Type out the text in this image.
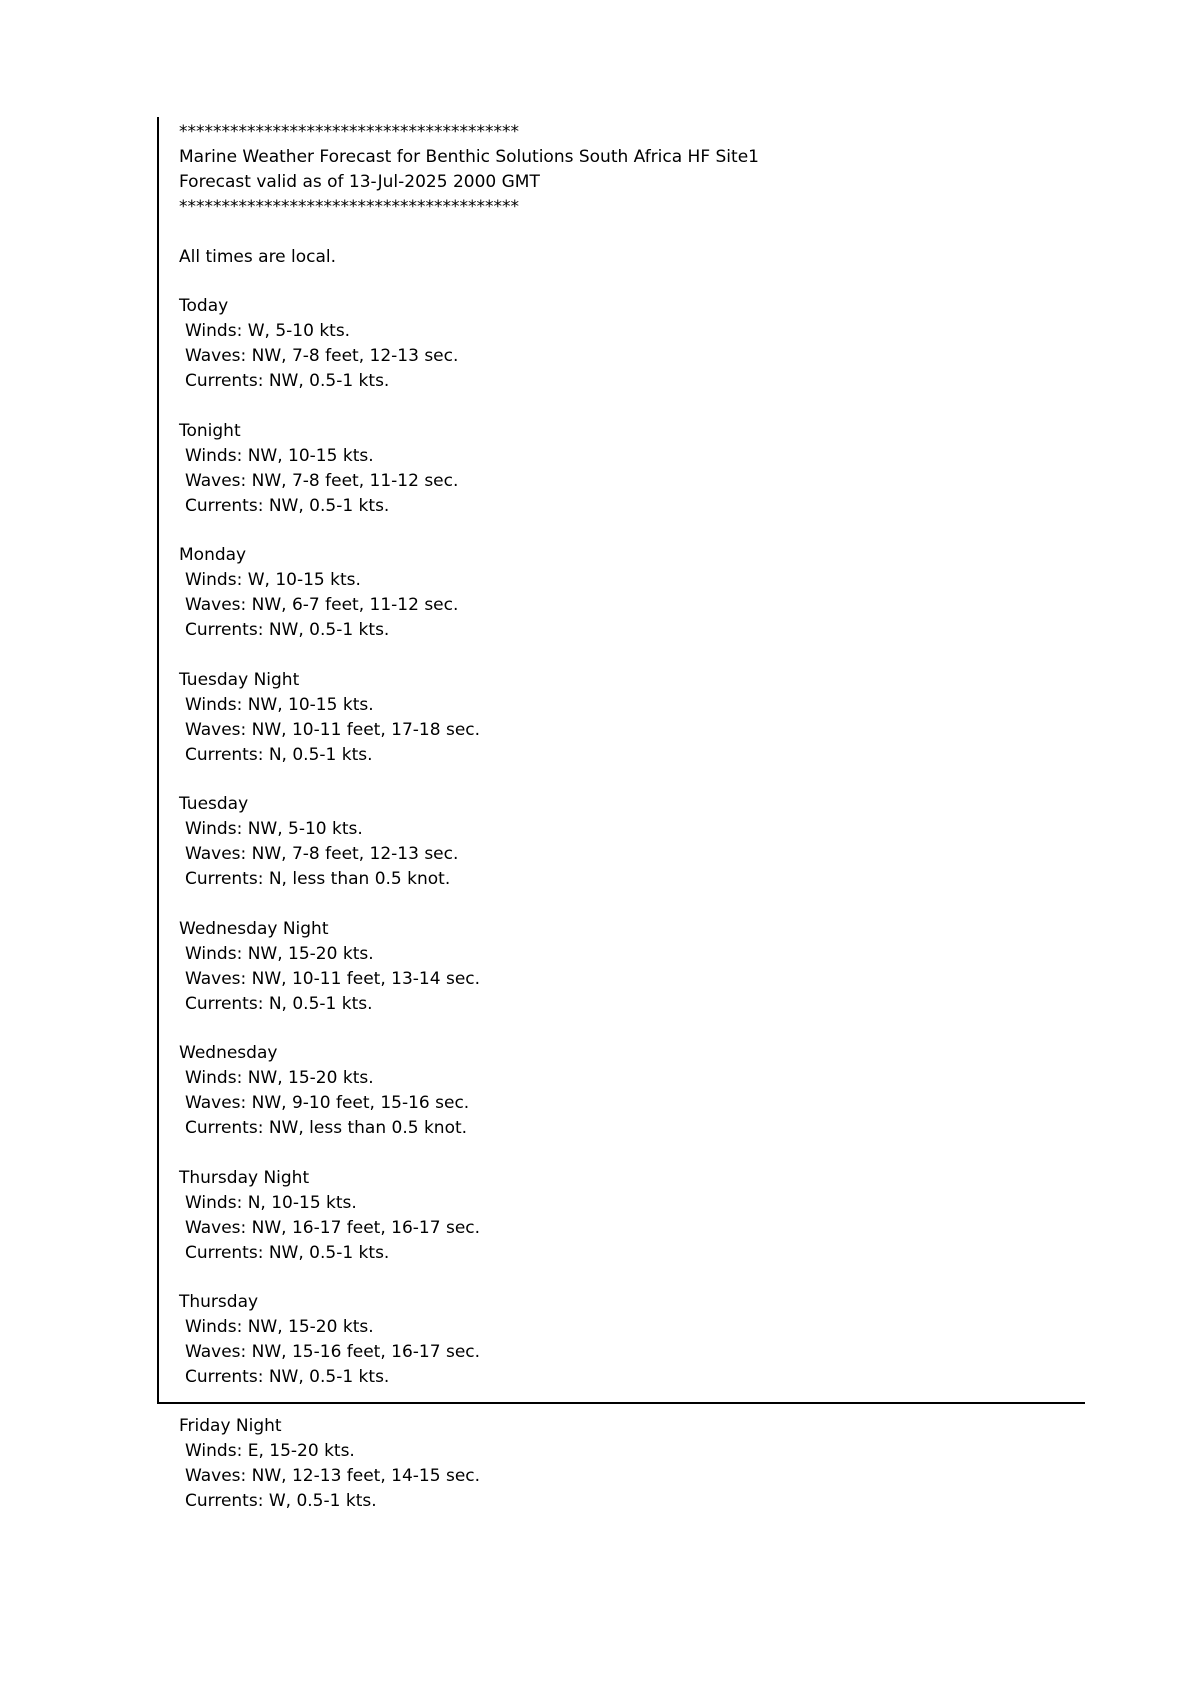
****************************************
Marine Weather Forecast for Benthic Solutions South Africa HF Site1
Forecast valid as of 13-Jul-2025 2000 GMT
****************************************
All times are local.
Today
Winds: W, 5-10 kts.
Waves: NW, 7-8 feet, 12-13 sec.
Currents: NW, 0.5-1 kts.
Tonight
Winds: NW, 10-15 kts.
Waves: NW, 7-8 feet, 11-12 sec.
Currents: NW, 0.5-1 kts.
Monday
Winds: W, 10-15 kts.
Waves: NW, 6-7 feet, 11-12 sec.
Currents: NW, 0.5-1 kts.
Tuesday Night
Winds: NW, 10-15 kts.
Waves: NW, 10-11 feet, 17-18 sec.
Currents: N, 0.5-1 kts.
Tuesday
Winds: NW, 5-10 kts.
Waves: NW, 7-8 feet, 12-13 sec.
Currents: N, less than 0.5 knot.
Wednesday Night
Winds: NW, 15-20 kts.
Waves: NW, 10-11 feet, 13-14 sec.
Currents: N, 0.5-1 kts.
Wednesday
Winds: NW, 15-20 kts.
Waves: NW, 9-10 feet, 15-16 sec.
Currents: NW, less than 0.5 knot.
Thursday Night
Winds: N, 10-15 kts.
Waves: NW, 16-17 feet, 16-17 sec.
Currents: NW, 0.5-1 kts.
Thursday
Winds: NW, 15-20 kts.
Waves: NW, 15-16 feet, 16-17 sec.
Currents: NW, 0.5-1 kts.
Friday Night
Winds: E, 15-20 kts.
Waves: NW, 12-13 feet, 14-15 sec.
Currents: W, 0.5-1 kts.
